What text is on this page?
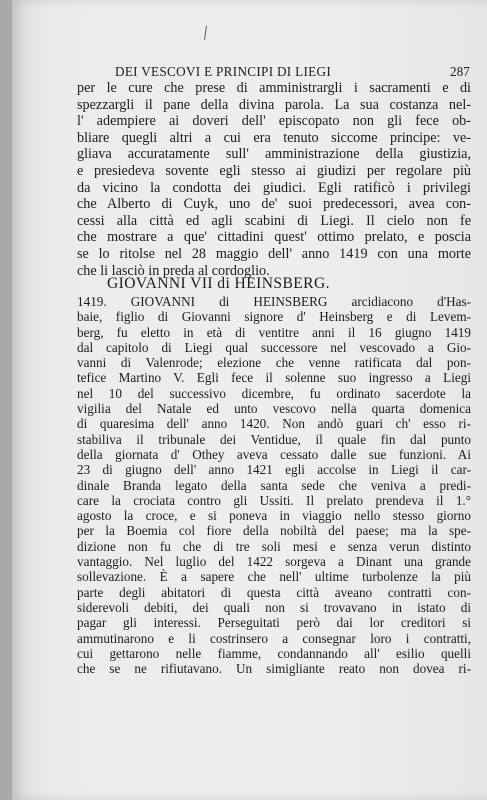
DEI VESCOVI E PRINCIPI DI LIEGI	287
per le cure che prese di amministrargli i sacramenti e di
spezzargli il pane della divina parola. La sua costanza nel-
l' adempiere ai doveri dell' episcopato non gli fece ob-
bliare quegli altri a cui era tenuto siccome principe: ve-
gliava accuratamente sull' amministrazione della giustizia,
e presiedeva sovente egli stesso ai giudizi per regolare più
da vicino la condotta dei giudici. Egli ratificò i privilegi
che Alberto di Cuyk, uno de' suoi predecessori, avea con-
cessi alla città ed agli scabini di Liegi. Il cielo non fe
che mostrare a que' cittadini quest' ottimo prelato, e poscia
se lo ritolse nel 28 maggio dell' anno 1419 con una morte
che li lasciò in preda al cordoglio.
GIOVANNI VII di HEINSBERG.
1419. GIOVANNI di HEINSBERG arcidiacono d'Has-
baie, figlio di Giovanni signore d' Heinsberg e di Levem-
berg, fu eletto in età di ventitre anni il 16 giugno 1419
dal capitolo di Liegi qual successore nel vescovado a Gio-
vanni di Valenrode; elezione che venne ratificata dal pon-
tefice Martino V. Egli fece il solenne suo ingresso a Liegi
nel 10 del successivo dicembre, fu ordinato sacerdote la
vigilia del Natale ed unto vescovo nella quarta domenica
di quaresima dell' anno 1420. Non andò guari ch' esso ri-
stabiliva il tribunale dei Ventidue, il quale fin dal punto
della giornata d' Othey aveva cessato dalle sue funzioni. Ai
23 di giugno dell' anno 1421 egli accolse in Liegi il car-
dinale Branda legato della santa sede che veniva a predi-
care la crociata contro gli Ussiti. Il prelato prendeva il 1.°
agosto la croce, e si poneva in viaggio nello stesso giorno
per la Boemia col fiore della nobiltà del paese; ma la spe-
dizione non fu che di tre soli mesi e senza verun distinto
vantaggio. Nel luglio del 1422 sorgeva a Dinant una grande
sollevazione. È a sapere che nell' ultime turbolenze la più
parte degli abitatori di questa città aveano contratti con-
siderevoli debiti, dei quali non si trovavano in istato di
pagar gli interessi. Perseguitati però dai lor creditori si
ammutinarono e li costrinsero a consegnar loro i contratti,
cui gettarono nelle fiamme, condannando all' esilio quelli
che se ne rifiutavano. Un simigliante reato non dovea ri-
